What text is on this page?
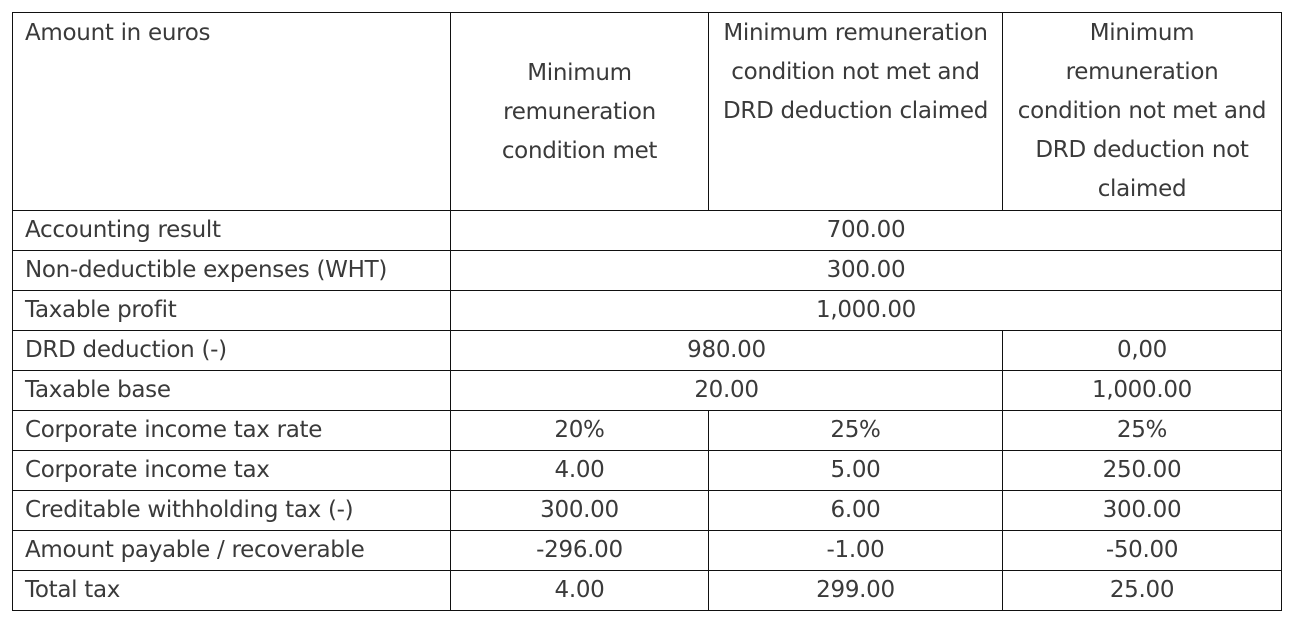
Amount in euros	Minimum remuneration condition met	Minimum remuneration condition not met and DRD deduction claimed	Minimum remuneration condition not met and DRD deduction not claimed
Accounting result	700.00		
Non-deductible expenses (WHT)	300.00		
Taxable profit	1,000.00		
DRD deduction (-)	980.00		0,00
Taxable base	20.00		1,000.00
Corporate income tax rate	20%	25%	25%
Corporate income tax	4.00	5.00	250.00
Creditable withholding tax (-)	300.00	6.00	300.00
Amount payable / recoverable	-296.00	-1.00	-50.00
Total tax	4.00	299.00	25.00
